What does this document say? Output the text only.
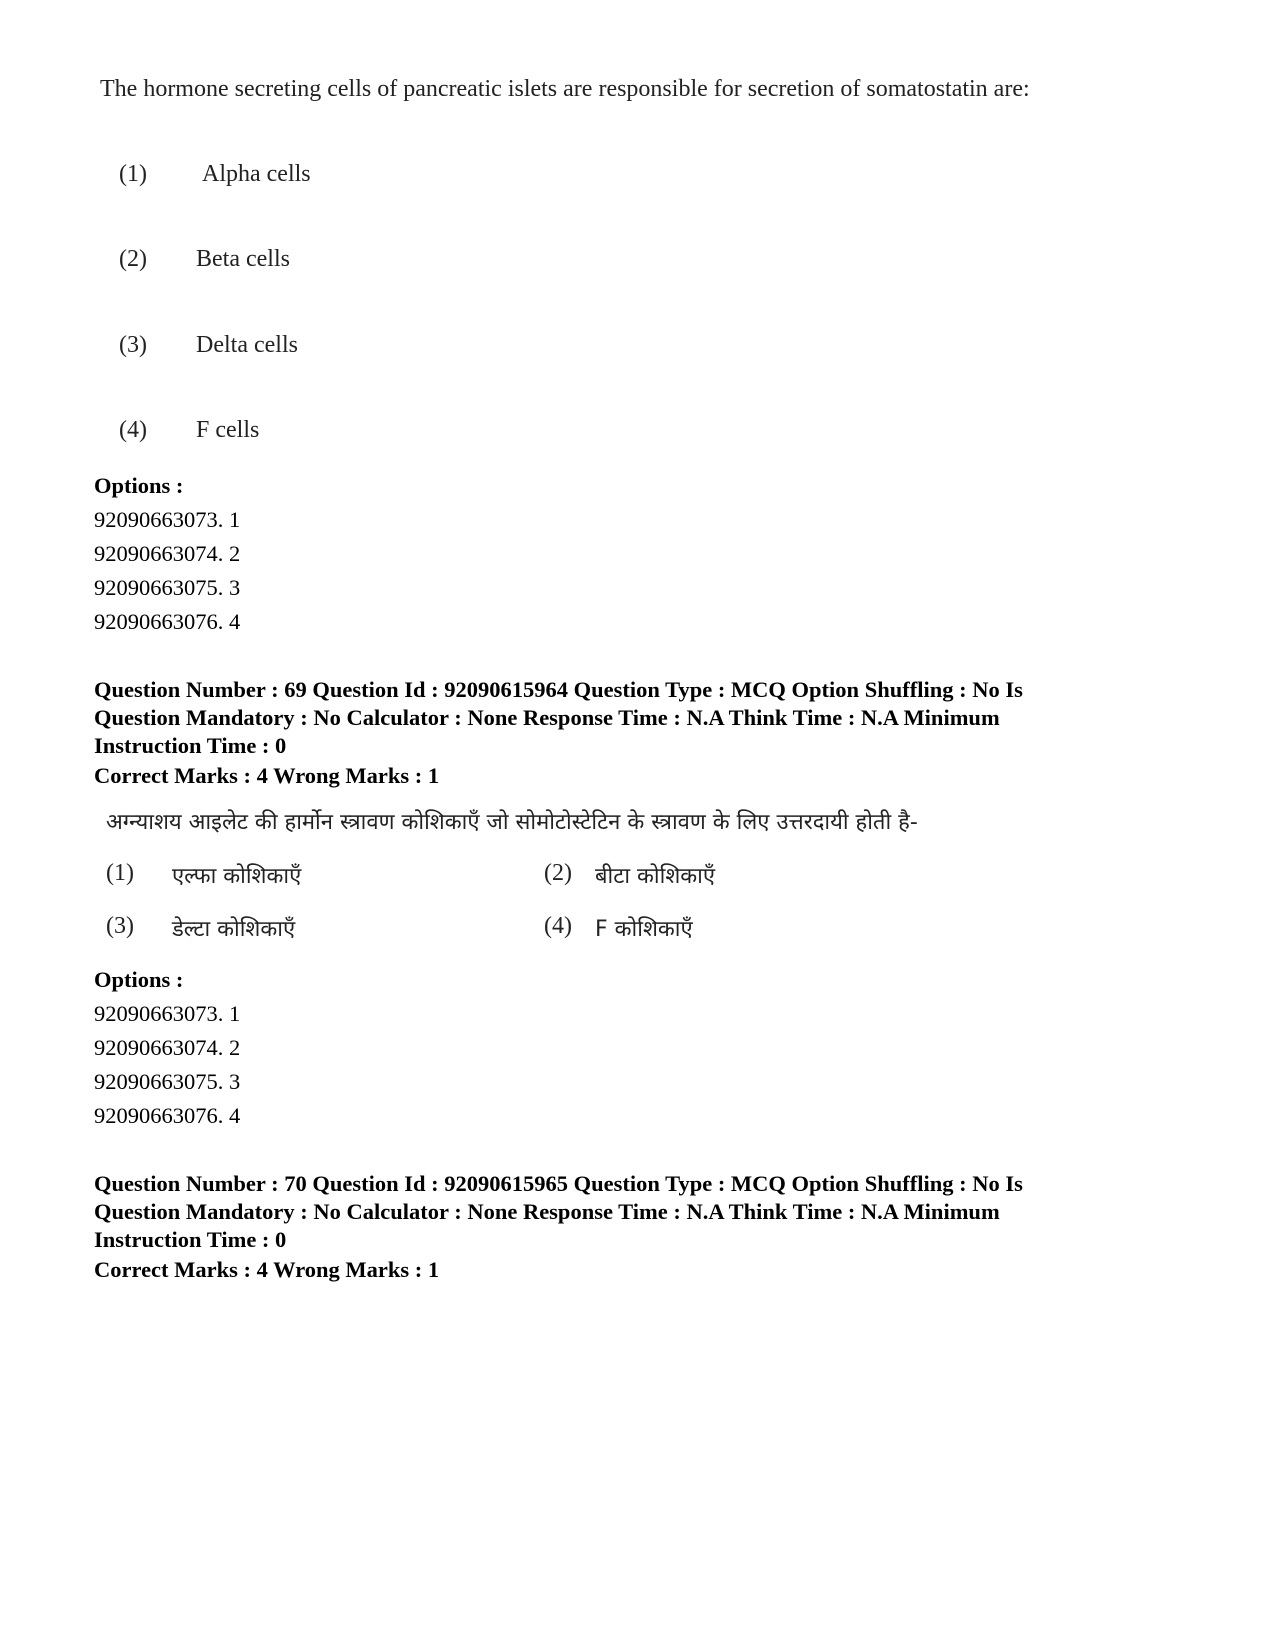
The hormone secreting cells of pancreatic islets are responsible for secretion of somatostatin are:
(1) Alpha cells
(2) Beta cells
(3) Delta cells
(4) F cells
Options :
92090663073. 1
92090663074. 2
92090663075. 3
92090663076. 4
Question Number : 69 Question Id : 92090615964 Question Type : MCQ Option Shuffling : No Is
Question Mandatory : No Calculator : None Response Time : N.A Think Time : N.A Minimum
Instruction Time : 0
Correct Marks : 4 Wrong Marks : 1
अग्न्याशय आइलेट की हार्मोन स्त्रावण कोशिकाएँ जो सोमोटोस्टेटिन के स्त्रावण के लिए उत्तरदायी होती है-
(1) एल्फा कोशिकाएँ	(2) बीटा कोशिकाएँ
(3) डेल्टा कोशिकाएँ	(4) F कोशिकाएँ
Options :
92090663073. 1
92090663074. 2
92090663075. 3
92090663076. 4
Question Number : 70 Question Id : 92090615965 Question Type : MCQ Option Shuffling : No Is
Question Mandatory : No Calculator : None Response Time : N.A Think Time : N.A Minimum
Instruction Time : 0
Correct Marks : 4 Wrong Marks : 1
